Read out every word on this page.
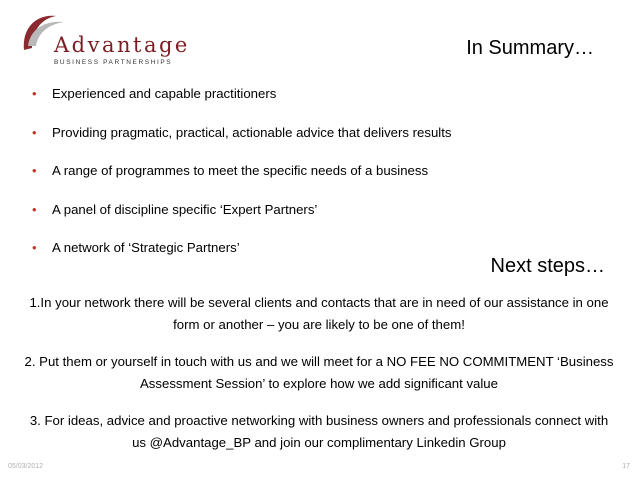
Advantage
BUSINESS PARTNERSHIPS
In Summary…
• Experienced and capable practitioners
• Providing pragmatic, practical, actionable advice that delivers results
• A range of programmes to meet the specific needs of a business
• A panel of discipline specific ‘Expert Partners’
• A network of ‘Strategic Partners’
Next steps…

1.In your network there will be several clients and contacts that are in need of our assistance in one form or another – you are likely to be one of them!

2. Put them or yourself in touch with us and we will meet for a NO FEE NO COMMITMENT ‘Business Assessment Session’ to explore how we add significant value

3. For ideas, advice and proactive networking with business owners and professionals connect with us @Advantage_BP and join our complimentary Linkedin Group

05/03/2012	17
